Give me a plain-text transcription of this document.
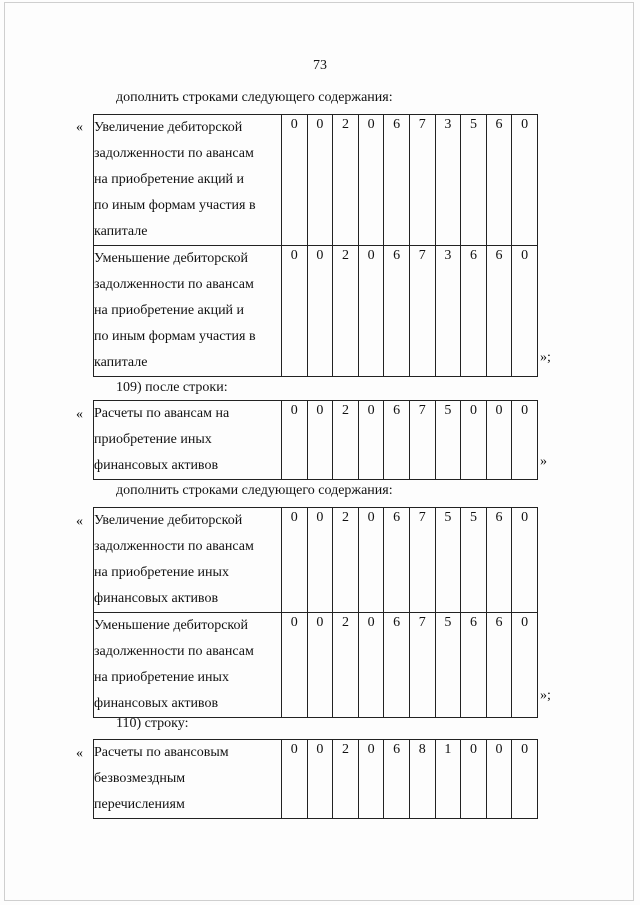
73
дополнить строками следующего содержания:
« Увеличение дебиторской
задолженности по авансам
на приобретение акций и
по иным формам участия в
капитале	0	0	2	0	6	7	3	5	6	0

Уменьшение дебиторской
задолженности по авансам
на приобретение акций и
по иным формам участия в
капитале	0	0	2	0	6	7	3	6	6	0
»;
109) после строки:
« Расчеты по авансам на
приобретение иных
финансовых активов
	0	0	2	0	6	7	5	0	0	0
»
дополнить строками следующего содержания:
« Увеличение дебиторской
задолженности по авансам
на приобретение иных
финансовых активов	0	0	2	0	6	7	5	5	6	0

Уменьшение дебиторской
задолженности по авансам
на приобретение иных
финансовых активов	0	0	2	0	6	7	5	6	6	0
»;
110) строку:
« Расчеты по авансовым
безвозмездным
перечислениям
	0	0	2	0	6	8	1	0	0	0
